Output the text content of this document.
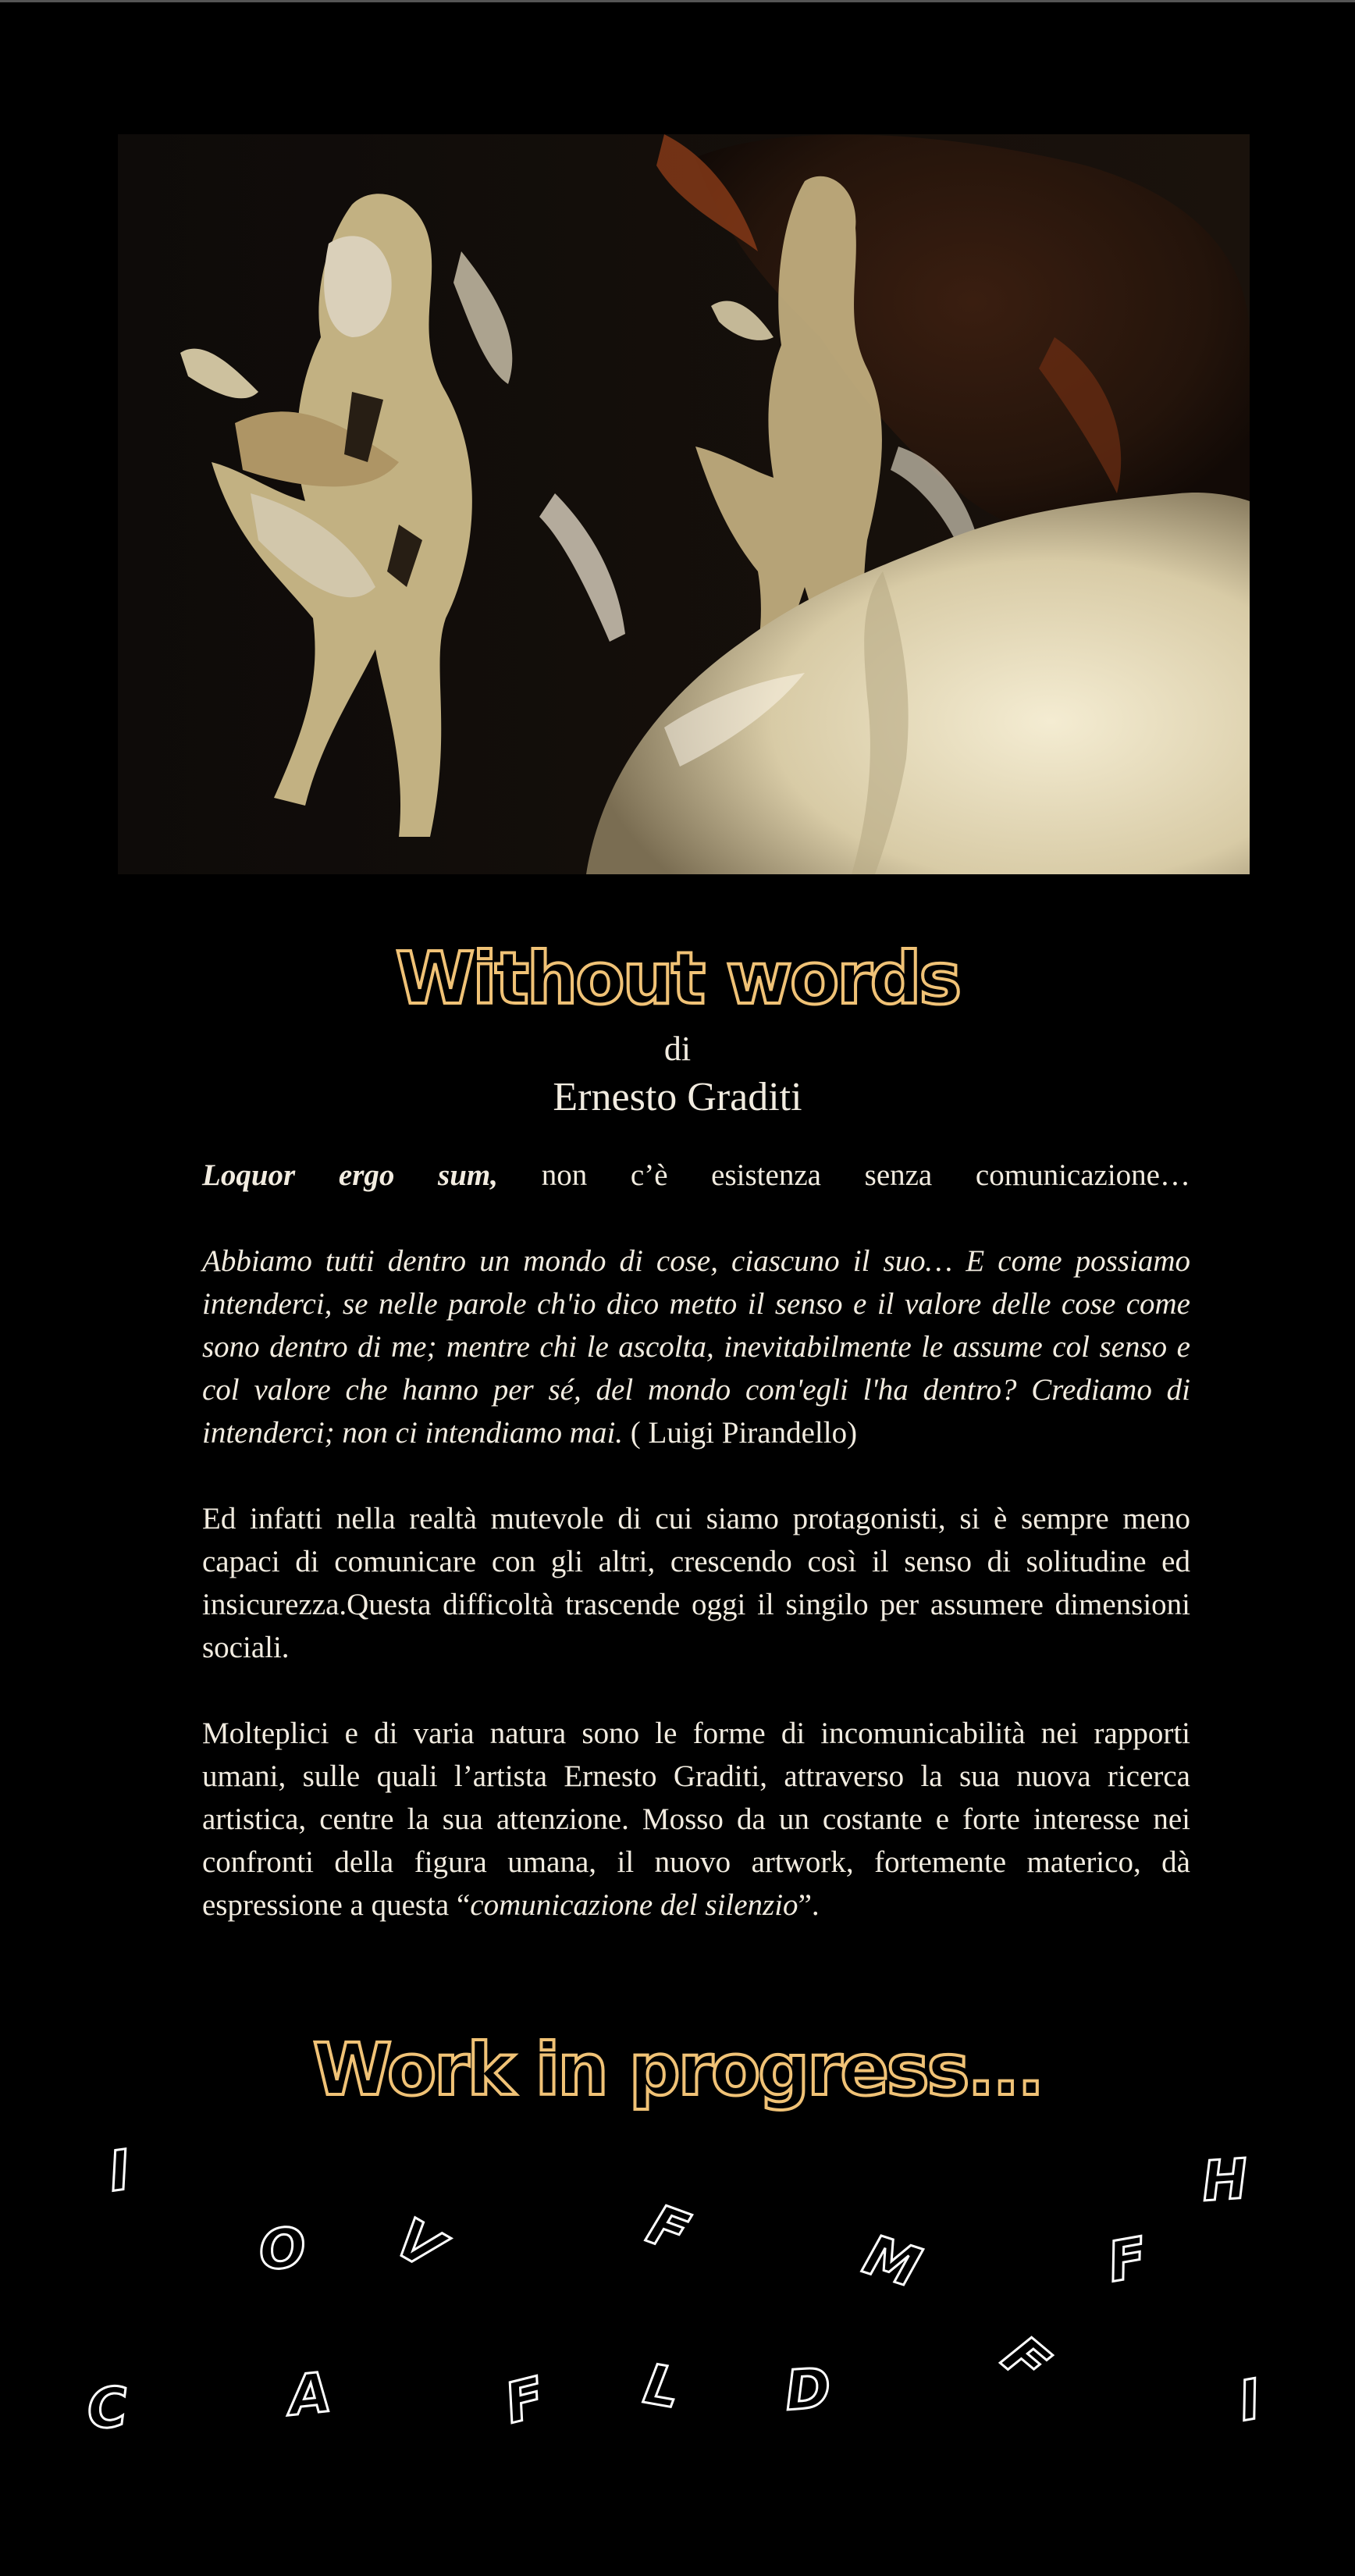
Without words
di
Ernesto Graditi

Loquor ergo sum, non c’è esistenza senza comunicazione…

Abbiamo tutti dentro un mondo di cose, ciascuno il suo… E come possiamo intenderci, se nelle parole ch'io dico metto il senso e il valore delle cose come sono dentro di me; mentre chi le ascolta, inevitabilmente le assume col senso e col valore che hanno per sé, del mondo com'egli l'ha dentro? Crediamo di intenderci; non ci intendiamo mai. ( Luigi Pirandello)

Ed infatti nella realtà mutevole di cui siamo protagonisti, si è sempre meno capaci di comunicare con gli altri, crescendo così il senso di solitudine ed insicurezza.Questa difficoltà trascende oggi il singilo per assumere dimensioni sociali.

Molteplici e di varia natura sono le forme di incomunicabilità nei rapporti umani, sulle quali l’artista Ernesto Graditi, attraverso la sua nuova ricerca artistica, centre la sua attenzione. Mosso da un costante e forte interesse nei confronti della figura umana, il nuovo artwork, fortemente materico, dà espressione a questa “comunicazione del silenzio”.

Work in progress...
I
O V	F	M	F
H
C	A	F L D	F
I
